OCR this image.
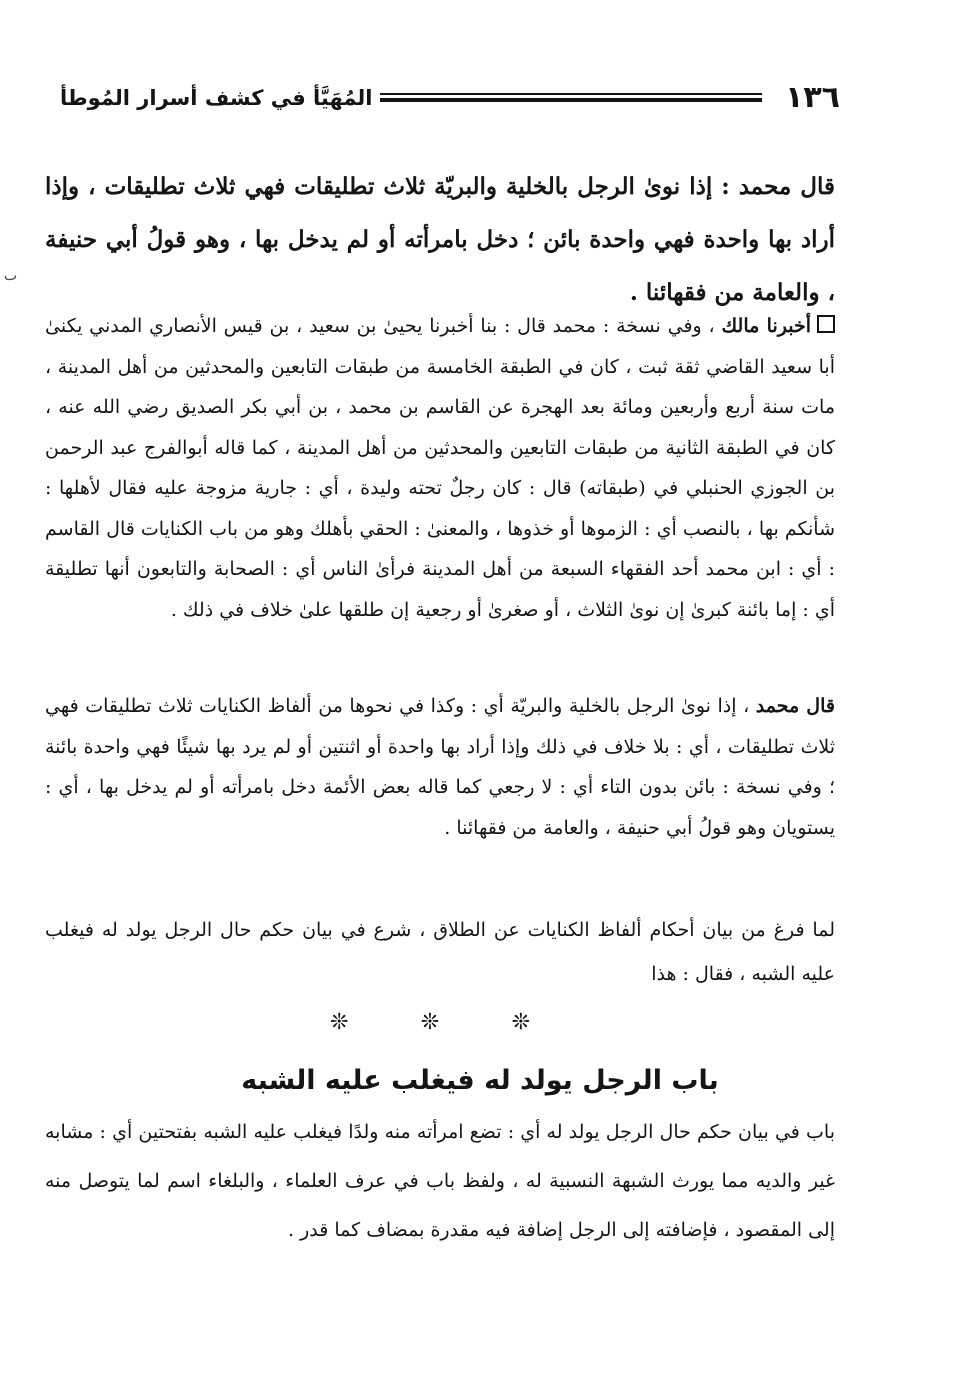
١٣٦
المُهَيَّأ في كشف أسرار المُوطأ
ٮ
قال محمد : إذا نوىٰ الرجل بالخلية والبريّة ثلاث تطليقات فهي ثلاث تطليقات ، وإذا أراد بها واحدة فهي واحدة بائن ؛ دخل بامرأته أو لم يدخل بها ، وهو قولُ أبي حنيفة ، والعامة من فقهائنا .
أخبرنا مالك ، وفي نسخة : محمد قال : بنا أخبرنا يحيىٰ بن سعيد ، بن قيس الأنصاري المدني يكنىٰ أبا سعيد القاضي ثقة ثبت ، كان في الطبقة الخامسة من طبقات التابعين والمحدثين من أهل المدينة ، مات سنة أربع وأربعين ومائة بعد الهجرة عن القاسم بن محمد ، بن أبي بكر الصديق رضي الله عنه ، كان في الطبقة الثانية من طبقات التابعين والمحدثين من أهل المدينة ، كما قاله أبوالفرج عبد الرحمن بن الجوزي الحنبلي في (طبقاته) قال : كان رجلٌ تحته وليدة ، أي : جارية مزوجة عليه فقال لأهلها : شأنكم بها ، بالنصب أي : الزموها أو خذوها ، والمعنىٰ : الحقي بأهلك وهو من باب الكنايات قال القاسم : أي : ابن محمد أحد الفقهاء السبعة من أهل المدينة فرأىٰ الناس أي : الصحابة والتابعون أنها تطليقة أي : إما بائنة كبرىٰ إن نوىٰ الثلاث ، أو صغرىٰ أو رجعية إن طلقها علىٰ خلاف في ذلك .
قال محمد ، إذا نوىٰ الرجل بالخلية والبريّة أي : وكذا في نحوها من ألفاظ الكنايات ثلاث تطليقات فهي ثلاث تطليقات ، أي : بلا خلاف في ذلك وإذا أراد بها واحدة أو اثنتين أو لم يرد بها شيئًا فهي واحدة بائنة ؛ وفي نسخة : بائن بدون التاء أي : لا رجعي كما قاله بعض الأئمة دخل بامرأته أو لم يدخل بها ، أي : يستويان وهو قولُ أبي حنيفة ، والعامة من فقهائنا .
لما فرغ من بيان أحكام ألفاظ الكنايات عن الطلاق ، شرع في بيان حكم حال الرجل يولد له فيغلب عليه الشبه ، فقال : هذا
❊	❊	❊
باب الرجل يولد له فيغلب عليه الشبه
باب في بيان حكم حال الرجل يولد له أي : تضع امرأته منه ولدًا فيغلب عليه الشبه بفتحتين أي : مشابه غير والديه مما يورث الشبهة النسبية له ، ولفظ باب في عرف العلماء ، والبلغاء اسم لما يتوصل منه إلى المقصود ، فإضافته إلى الرجل إضافة فيه مقدرة بمضاف كما قدر .
